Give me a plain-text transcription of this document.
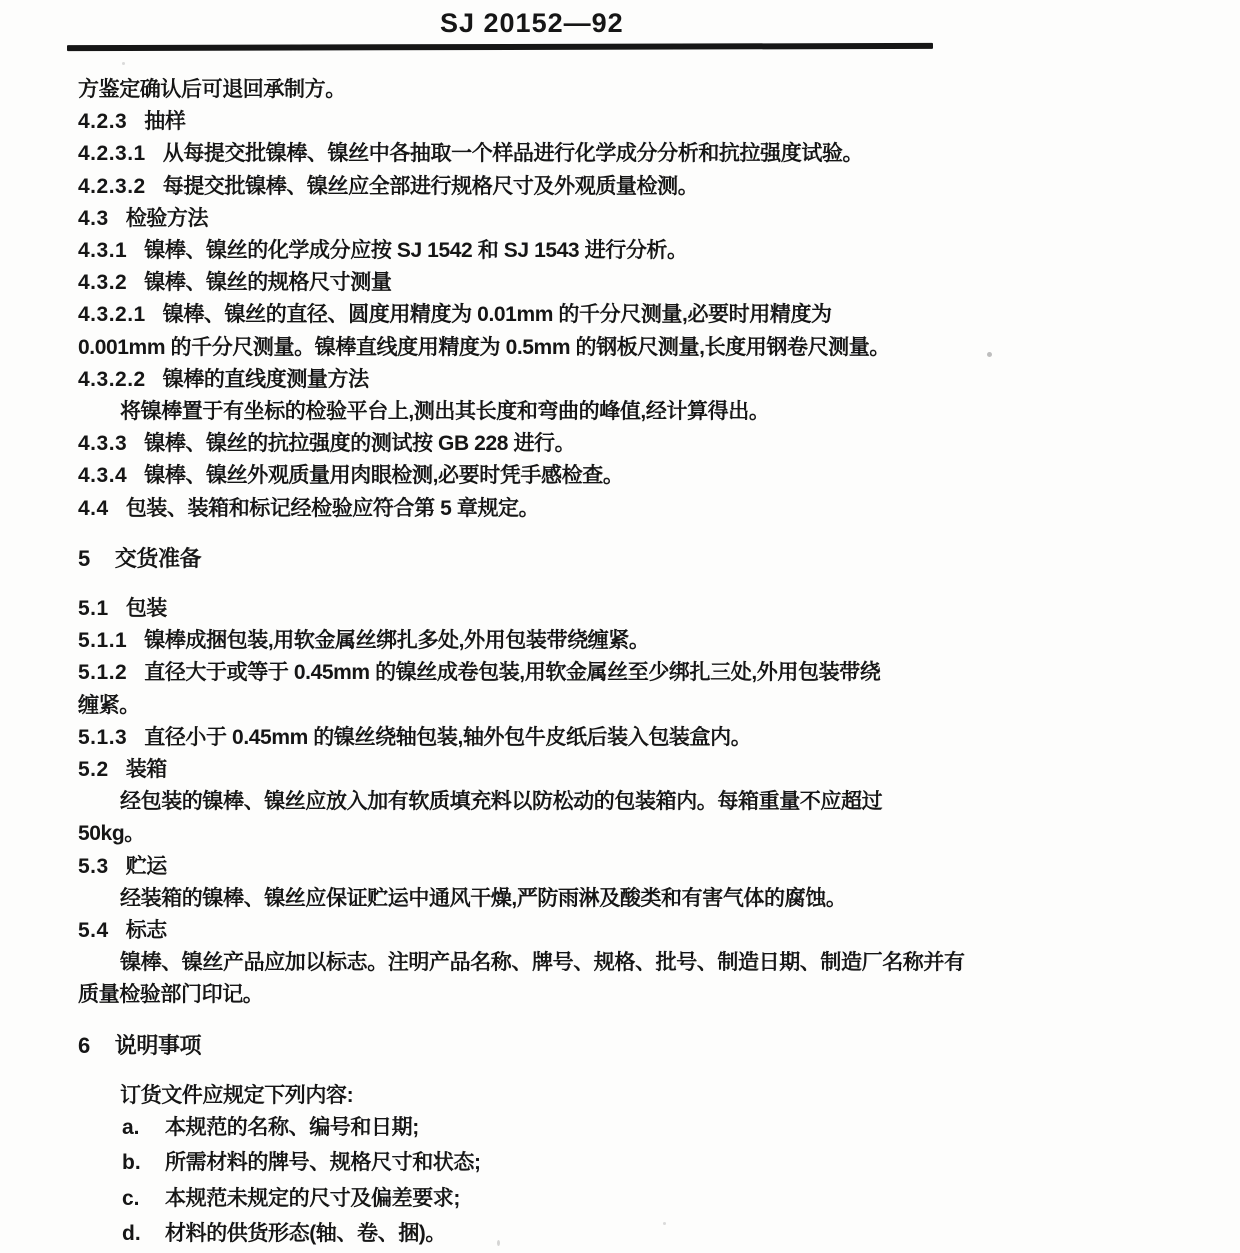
SJ 20152—92
方鉴定确认后可退回承制方。
4.2.3 抽样
4.2.3.1 从每提交批镍棒、镍丝中各抽取一个样品进行化学成分分析和抗拉强度试验。
4.2.3.2 每提交批镍棒、镍丝应全部进行规格尺寸及外观质量检测。
4.3 检验方法
4.3.1 镍棒、镍丝的化学成分应按 SJ 1542 和 SJ 1543 进行分析。
4.3.2 镍棒、镍丝的规格尺寸测量
4.3.2.1 镍棒、镍丝的直径、圆度用精度为 0.01mm 的千分尺测量,必要时用精度为
0.001mm 的千分尺测量。镍棒直线度用精度为 0.5mm 的钢板尺测量,长度用钢卷尺测量。
4.3.2.2 镍棒的直线度测量方法
将镍棒置于有坐标的检验平台上,测出其长度和弯曲的峰值,经计算得出。
4.3.3 镍棒、镍丝的抗拉强度的测试按 GB 228 进行。
4.3.4 镍棒、镍丝外观质量用肉眼检测,必要时凭手感检查。
4.4 包装、装箱和标记经检验应符合第 5 章规定。
5 交货准备
5.1 包装
5.1.1 镍棒成捆包装,用软金属丝绑扎多处,外用包装带绕缠紧。
5.1.2 直径大于或等于 0.45mm 的镍丝成卷包装,用软金属丝至少绑扎三处,外用包装带绕
缠紧。
5.1.3 直径小于 0.45mm 的镍丝绕轴包装,轴外包牛皮纸后装入包装盒内。
5.2 装箱
经包装的镍棒、镍丝应放入加有软质填充料以防松动的包装箱内。每箱重量不应超过
50kg。
5.3 贮运
经装箱的镍棒、镍丝应保证贮运中通风干燥,严防雨淋及酸类和有害气体的腐蚀。
5.4 标志
镍棒、镍丝产品应加以标志。注明产品名称、牌号、规格、批号、制造日期、制造厂名称并有
质量检验部门印记。
6 说明事项
订货文件应规定下列内容:
a. 本规范的名称、编号和日期;
b. 所需材料的牌号、规格尺寸和状态;
c. 本规范未规定的尺寸及偏差要求;
d. 材料的供货形态(轴、卷、捆)。
